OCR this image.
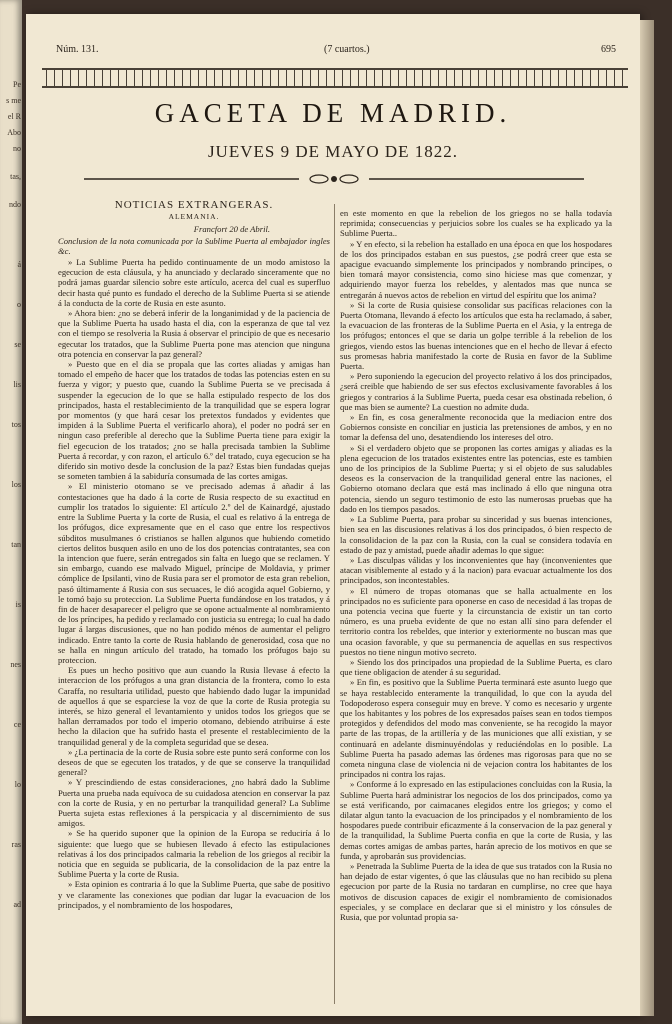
Pe
s me
el R
Abo
no
tas,
ndo
á
o
se
lis
tos
los
tan
is
nes
ce
lo
ras
ad
Núm. 131.	(7 cuartos.)	695
GACETA DE MADRID.
JUEVES 9 DE MAYO DE 1822.
NOTICIAS EXTRANGERAS.
ALEMANIA.
Francfort 20 de Abril.
Conclusion de la nota comunicada por la Sublime Puerta al embajador ingles &c.

» La Sublime Puerta ha pedido continuamente de un modo amistoso la egecucion de esta cláusula, y ha anunciado y declarado sinceramente que no podrá jamas guardar silencio sobre este artículo, acerca del cual es superfluo decir hasta qué punto es fundado el derecho de la Sublime Puerta si se atiende á la conducta de la corte de Rusia en este asunto.

» Ahora bien: ¿no se deberá inferir de la longanimidad y de la paciencia de que la Sublime Puerta ha usado hasta el dia, con la esperanza de que tal vez con el tiempo se resolveria la Rusia á observar el principio de que es necesario egecutar los tratados, que la Sublime Puerta pone mas atencion que ninguna otra potencia en conservar la paz general?

» Puesto que en el dia se propala que las cortes aliadas y amigas han tomado el empeño de hacer que los tratados de todas las potencias esten en su fuerza y vigor; y puesto que, cuando la Sublime Puerta se ve precisada á suspender la egecucion de lo que se halla estipulado respecto de los dos principados, hasta el restablecimiento de la tranquilidad que se espera lograr por momentos (y que hará cesar los pretextos fundados y evidentes que impiden á la Sublime Puerta el verificarlo ahora), el poder no podrá ser en ningun caso preferible al derecho que la Sublime Puerta tiene para exigir la fiel egecucion de los tratados; ¿no se halla precisada tambien la Sublime Puerta á recordar, y con razon, el artículo 6.º del tratado, cuya egecucion se ha diferido sin motivo desde la conclusion de la paz? Estas bien fundadas quejas se someten tambien á la sabiduría consumada de las cortes amigas.

» El ministerio otomano se ve precisado ademas á añadir á las contestaciones que ha dado á la corte de Rusia respecto de su exactitud en cumplir los tratados lo siguiente: El artículo 2.º del de Kainardgé, ajustado entre la Sublime Puerta y la corte de Rusia, el cual es relativo á la entrega de los prófugos, dice expresamente que en el caso que entre los respectivos súbditos musulmanes ó cristianos se hallen algunos que hubiendo cometido ciertos delitos busquen asilo en uno de los dos potencias contratantes, sea con la intencion que fuere, serán entregados sin falta en luego que se reclamen. Y sin embargo, cuando ese malvado Miguel, príncipe de Moldavia, y primer cómplice de Ipsilanti, vino de Rusia para ser el promotor de esta gran rebelion, pasó últimamente á Rusia con sus secuaces, le dió acogida aquel Gobierno, y le tomó bajo su proteccion. La Sublime Puerta fundándose en los tratados, y á fin de hacer desaparecer el peligro que se opone actualmente al nombramiento de los príncipes, ha pedido y reclamado con justicia su entrega; lo cual ha dado lugar á largas discusiones, que no han podido ménos de aumentar el peligro indicado. Entre tanto la corte de Rusia hablando de generosidad, cosa que no se halla en ningun artículo del tratado, ha tomado los prófugos bajo su proteccion.

Es pues un hecho positivo que aun cuando la Rusia llevase á efecto la interaccion de los prófugos a una gran distancia de la frontera, como lo esta Caraffa, no resultaria utilidad, puesto que habiendo dado lugar la impunidad de aquellos á que se esparciese la voz de que la corte de Rusia protegia su interés, se hizo general el levantamiento y unidos todos los griegos que se hallan derramados por todo el imperio otomano, debiendo atribuirse á este hecho la dilacion que ha sufrido hasta el presente el restablecimiento de la tranquilidad general y de la completa seguridad que se desea.

» ¿La pertinacia de la corte de Rusia sobre este punto será conforme con los deseos de que se egecuten los tratados, y de que se conserve la tranquilidad general?

» Y prescindiendo de estas consideraciones, ¿no habrá dado la Sublime Puerta una prueba nada equívoca de su cuidadosa atencion en conservar la paz con la corte de Rusia, y en no perturbar la tranquilidad general? La Sublime Puerta sujeta estas reflexiones á la perspicacia y al discernimiento de sus amigos.

» Se ha querido suponer que la opinion de la Europa se reduciría á lo siguiente: que luego que se hubiesen llevado á efecto las estipulaciones relativas á los dos principados calmaria la rebelion de los griegos al recibir la noticia que en seguida se publicaria, de la consolidacion de la paz entre la Sublime Puerta y la corte de Rusia.

» Esta opinion es contraria á lo que la Sublime Puerta, que sabe de positivo y ve claramente las conexiones que podian dar lugar la evacuacion de los principados, y el nombramiento de los hospodares,

en este momento en que la rebelion de los griegos no se halla todavía reprimida; consecuencias y perjuicios sobre los cuales se ha explicado ya la Sublime Puerta..

» Y en efecto, si la rebelion ha estallado en una época en que los hospodares de los dos principados estaban en sus puestos, ¿se podrá creer que esta se apacigue evacuando simplemente los principados y nombrando principes, o bien tomará mayor consistencia, como sino hiciese mas que comenzar, y adquiriendo mayor fuerza los rebeldes, y alentados mas que nunca se entregarán á nuevos actos de rebelion en virtud del espíritu que los anima?

» Si la corte de Rusia quisiese consolidar sus pacíficas relaciones con la Puerta Otomana, llevando á efecto los artículos que esta ha reclamado, á saber, la evacuacion de las fronteras de la Sublime Puerta en el Asia, y la entrega de los prófugos; entonces el que se daria un golpe terrible á la rebelion de los griegos, viendo estos las buenas intenciones que en el hecho de llevar á efecto sus promesas habria manifestado la corte de Rusia en favor de la Sublime Puerta.

» Pero suponiendo la egecucion del proyecto relativo á los dos principados, ¿será creible que habiendo de ser sus efectos exclusivamente favorables á los griegos y contrarios á la Sublime Puerta, pueda cesar esa obstinada rebelion, ó que mas bien se aumente? La cuestion no admite duda.

» En fin, es cosa generalmente reconocida que la mediacion entre dos Gobiernos consiste en conciliar en justicia las pretensiones de ambos, y en no tomar la defensa del uno, desatendiendo los intereses del otro.

» Si el verdadero objeto que se proponen las cortes amigas y aliadas es la plena egecucion de los tratados existentes entre las potencias, este es tambien uno de los principios de la Sublime Puerta; y si el objeto de sus saludables deseos es la conservacion de la tranquilidad general entre las naciones, el Gobierno otomano declara que está mas inclinado á ello que ninguna otra potencia, siendo un seguro testimonio de esto las numerosas pruebas que ha dado en los tiempos pasados.

» La Sublime Puerta, para probar su sinceridad y sus buenas intenciones, bien sea en las discusiones relativas á los dos principados, ó bien respecto de la consolidacion de la paz con la Rusia, con la cual se considera todavía en estado de paz y amistad, puede añadir ademas lo que sigue:

» Las disculpas válidas y los inconvenientes que hay (inconvenientes que atacan visiblemente al estado y á la nacion) para evacuar actualmente los dos principados, son incontestables.

» El número de tropas otomanas que se halla actualmente en los principados no es suficiente para oponerse en caso de necesidad á las tropas de una potencia vecina que fuerte y la circunstancia de existir un tan corto número, es una prueba evidente de que no estan allí sino para defender el territorio contra los rebeldes, que interior y exteriormente no buscan mas que una ocasion favorable, y que su permanencia de aquellas en sus respectivos puestos no tiene ningun motivo secreto.

» Siendo los dos principados una propiedad de la Sublime Puerta, es claro que tiene obligacion de atender á su seguridad.

» En fin, es positivo que la Sublime Puerta terminará este asunto luego que se haya restablecido enteramente la tranquilidad, lo que con la ayuda del Todopoderoso espera conseguir muy en breve. Y como es necesario y urgente que los habitantes y los pobres de los expresados países sean en todos tiempos protegidos y defendidos del modo mas conveniente, se ha recogido la mayor parte de las tropas, de la artillería y de las municiones que allí existian, y se continuará en adelante disminuyéndolas y reduciéndolas en lo posible. La Sublime Puerta ha pasado ademas las órdenes mas rigorosas para que no se cometa ninguna clase de violencia ni de vejacion contra los habitantes de los principados ni contra los rajas.

» Conforme á lo expresado en las estipulaciones concluidas con la Rusia, la Sublime Puerta hará administrar los negocios de los dos principados, como ya se está verificando, por caimacanes elegidos entre los griegos; y como el dilatar algun tanto la evacuacion de los principados y el nombramiento de los hospodares puede contribuir eficazmente á la conservacion de la paz general y de la tranquilidad, la Sublime Puerta confia en que la corte de Rusia, y las demas cortes amigas de ambas partes, harán aprecio de los motivos en que se funda, y aprobarán sus providencias.

» Penetrada la Sublime Puerta de la idea de que sus tratados con la Rusia no han dejado de estar vigentes, ó que las cláusulas que no han recibido su plena egecucion por parte de la Rusia no tardaran en cumplirse, no cree que haya motivos de discusion capaces de exigir el nombramiento de comisionados especiales, y se complace en declarar que si el ministro y los cónsules de Rusia, que por voluntad propia sa-
